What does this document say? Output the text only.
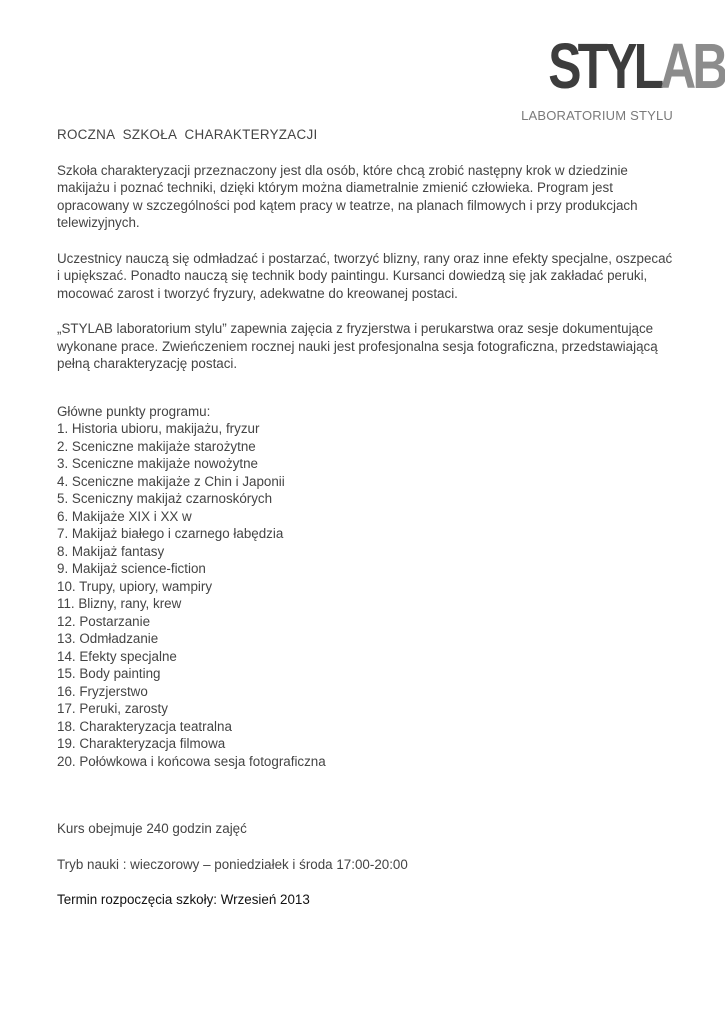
STYLAB
LABORATORIUM STYLU

ROCZNA SZKOŁA CHARAKTERYZACJI

Szkoła charakteryzacji przeznaczony jest dla osób, które chcą zrobić następny krok w dziedzinie makijażu i poznać techniki, dzięki którym można diametralnie zmienić człowieka. Program jest opracowany w szczególności pod kątem pracy w teatrze, na planach filmowych i przy produkcjach telewizyjnych.

Uczestnicy nauczą się odmładzać i postarzać, tworzyć blizny, rany oraz inne efekty specjalne, oszpecać i upiększać. Ponadto nauczą się technik body paintingu. Kursanci dowiedzą się jak zakładać peruki, mocować zarost i tworzyć fryzury, adekwatne do kreowanej postaci.

„STYLAB laboratorium stylu” zapewnia zajęcia z fryzjerstwa i perukarstwa oraz sesje dokumentujące wykonane prace. Zwieńczeniem rocznej nauki jest profesjonalna sesja fotograficzna, przedstawiającą pełną charakteryzację postaci.

Główne punkty programu:

1. Historia ubioru, makijażu, fryzur
2. Sceniczne makijaże starożytne
3. Sceniczne makijaże nowożytne
4. Sceniczne makijaże z Chin i Japonii
5. Sceniczny makijaż czarnoskórych
6. Makijaże XIX i XX w
7. Makijaż białego i czarnego łabędzia
8. Makijaż fantasy
9. Makijaż science-fiction
10. Trupy, upiory, wampiry
11. Blizny, rany, krew
12. Postarzanie
13. Odmładzanie
14. Efekty specjalne
15. Body painting
16. Fryzjerstwo
17. Peruki, zarosty
18. Charakteryzacja teatralna
19. Charakteryzacja filmowa
20. Połówkowa i końcowa sesja fotograficzna

Kurs obejmuje 240 godzin zajęć

Tryb nauki : wieczorowy – poniedziałek i środa 17:00-20:00

Termin rozpoczęcia szkoły: Wrzesień 2013
